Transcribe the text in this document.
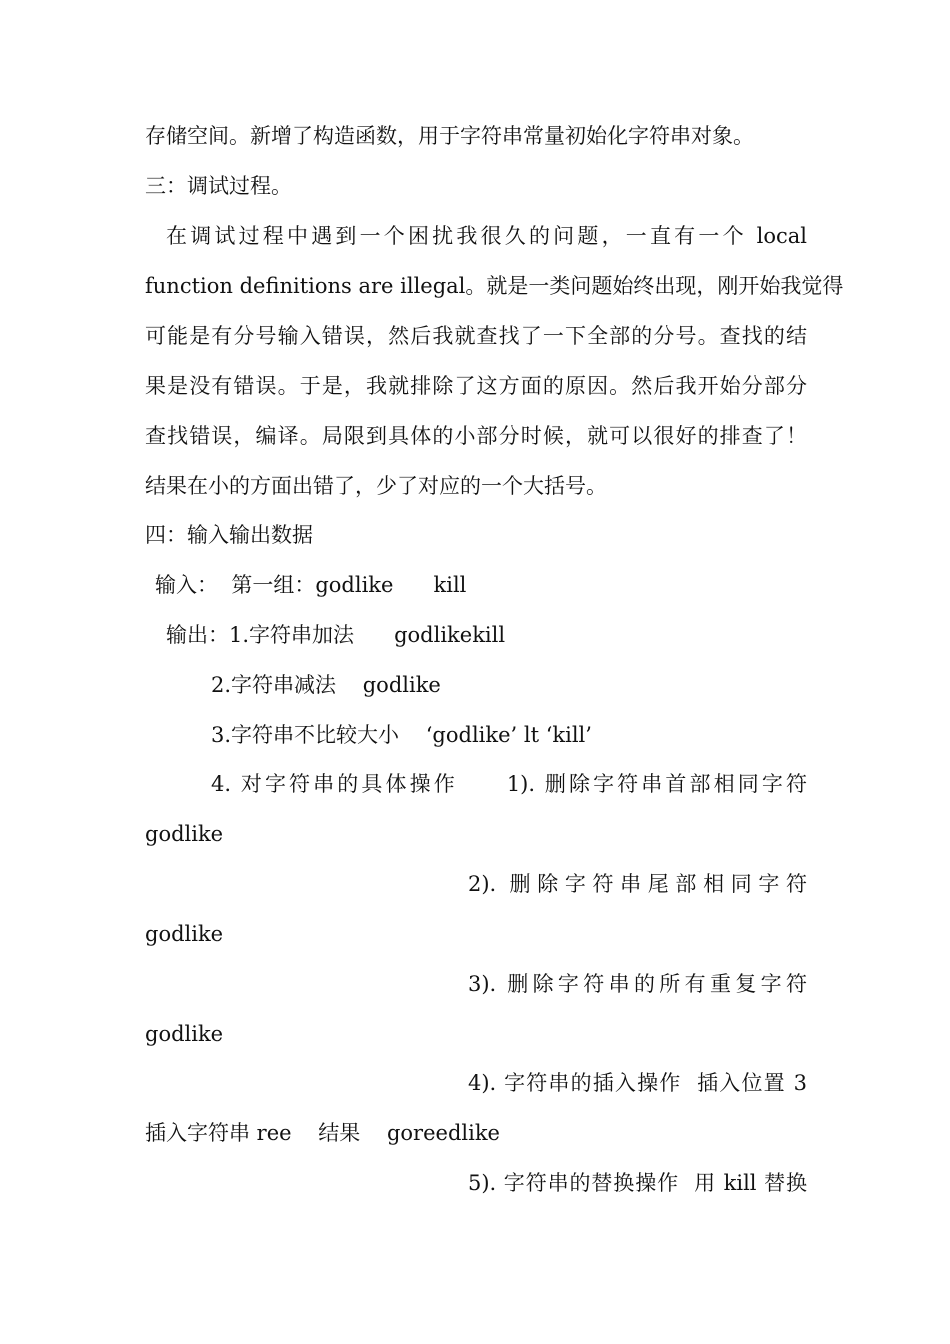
存储空间。新增了构造函数，用于字符串常量初始化字符串对象。
三：调试过程。
在调试过程中遇到一个困扰我很久的问题，一直有一个 local
function definitions are illegal。就是一类问题始终出现，刚开始我觉得
可能是有分号输入错误，然后我就查找了一下全部的分号。查找的结
果是没有错误。于是，我就排除了这方面的原因。然后我开始分部分
查找错误，编译。局限到具体的小部分时候，就可以很好的排查了！
结果在小的方面出错了，少了对应的一个大括号。
四：输入输出数据
输入：  第一组：godlike      kill
输出：1.字符串加法      godlikekill
2.字符串减法    godlike
3.字符串不比较大小    ‘godlike’ lt ‘kill’
4. 对字符串的具体操作     1). 删除字符串首部相同字符
godlike
2). 删除字符串尾部相同字符
godlike
3). 删除字符串的所有重复字符
godlike
4). 字符串的插入操作  插入位置 3
插入字符串 ree    结果    goreedlike
5). 字符串的替换操作  用 kill 替换
